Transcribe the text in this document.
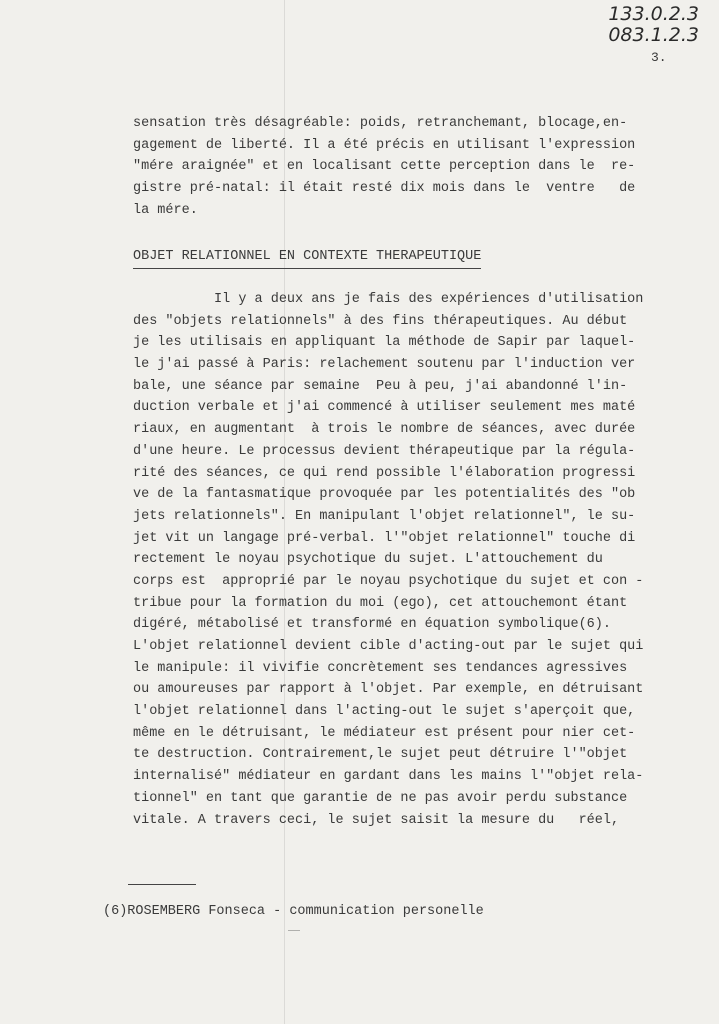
133.0.2.3
083.1.2.3
3.
sensation très désagréable: poids, retranchemant, blocage,en-
gagement de liberté. Il a été précis en utilisant l'expression
"mére araignée" et en localisant cette perception dans le  re-
gistre pré-natal: il était resté dix mois dans le  ventre   de
la mére.
OBJET RELATIONNEL EN CONTEXTE THERAPEUTIQUE
Il y a deux ans je fais des expériences d'utilisation
des "objets relationnels" à des fins thérapeutiques. Au début
je les utilisais en appliquant la méthode de Sapir par laquel-
le j'ai passé à Paris: relachement soutenu par l'induction ver
bale, une séance par semaine  Peu à peu, j'ai abandonné l'in-
duction verbale et j'ai commencé à utiliser seulement mes maté
riaux, en augmentant  à trois le nombre de séances, avec durée
d'une heure. Le processus devient thérapeutique par la régula-
rité des séances, ce qui rend possible l'élaboration progressi
ve de la fantasmatique provoquée par les potentialités des "ob
jets relationnels". En manipulant l'objet relationnel", le su-
jet vit un langage pré-verbal. l'"objet relationnel" touche di
rectement le noyau psychotique du sujet. L'attouchement du
corps est  approprié par le noyau psychotique du sujet et con -
tribue pour la formation du moi (ego), cet attouchemont étant
digéré, métabolisé et transformé en équation symbolique(6).
L'objet relationnel devient cible d'acting-out par le sujet qui
le manipule: il vivifie concrètement ses tendances agressives
ou amoureuses par rapport à l'objet. Par exemple, en détruisant
l'objet relationnel dans l'acting-out le sujet s'aperçoit que,
même en le détruisant, le médiateur est présent pour nier cet-
te destruction. Contrairement,le sujet peut détruire l'"objet
internalisé" médiateur en gardant dans les mains l'"objet rela-
tionnel" en tant que garantie de ne pas avoir perdu substance
vitale. A travers ceci, le sujet saisit la mesure du   réel,
(6)ROSEMBERG Fonseca - communication personelle
